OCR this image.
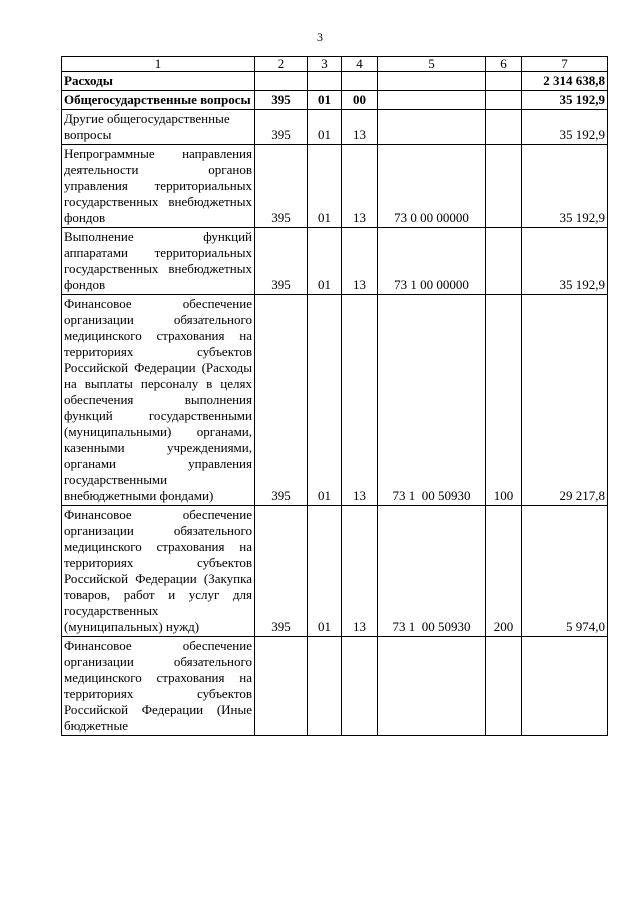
3
1	2	3	4	5	6	7
Расходы						2 314 638,8
Общегосударственные вопросы	395	01	00			35 192,9
Другие общегосударственные вопросы	395	01	13			35 192,9
Непрограммные направления деятельности органов управления территориальных государственных внебюджетных фондов	395	01	13	73 0 00 00000		35 192,9
Выполнение функций аппаратами территориальных государственных внебюджетных фондов	395	01	13	73 1 00 00000		35 192,9
Финансовое обеспечение организации обязательного медицинского страхования на территориях субъектов Российской Федерации (Расходы на выплаты персоналу в целях обеспечения выполнения функций государственными (муниципальными) органами, казенными учреждениями, органами управления государственными внебюджетными фондами)	395	01	13	73 1  00 50930	100	29 217,8
Финансовое обеспечение организации обязательного медицинского страхования на территориях субъектов Российской Федерации (Закупка товаров, работ и услуг для государственных (муниципальных) нужд)	395	01	13	73 1  00 50930	200	5 974,0
Финансовое обеспечение организации обязательного медицинского страхования на территориях субъектов Российской Федерации (Иные бюджетные						
